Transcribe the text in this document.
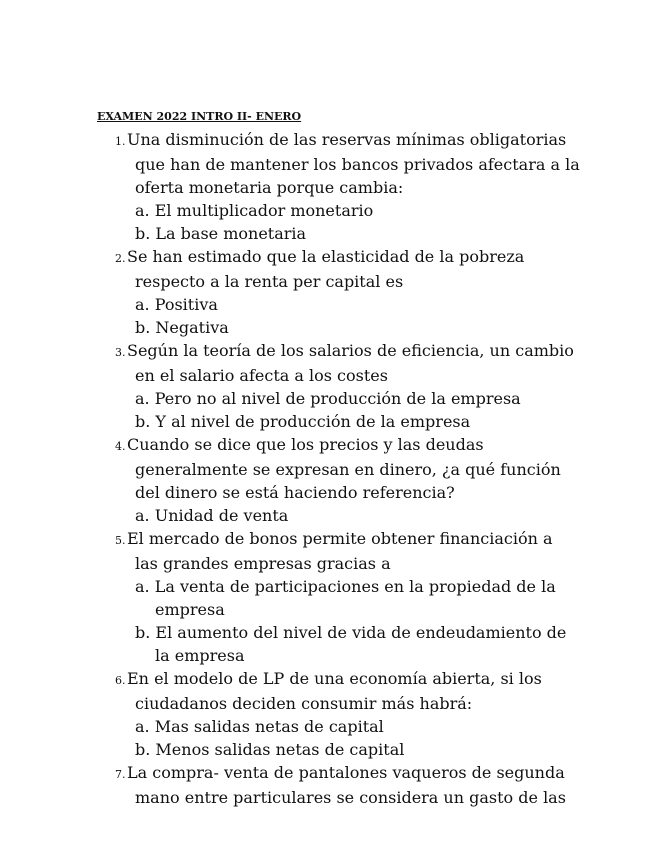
EXAMEN 2022 INTRO II- ENERO
1.Una disminución de las reservas mínimas obligatorias
que han de mantener los bancos privados afectara a la
oferta monetaria porque cambia:
a. El multiplicador monetario
b. La base monetaria
2.Se han estimado que la elasticidad de la pobreza
respecto a la renta per capital es
a. Positiva
b. Negativa
3.Según la teoría de los salarios de eficiencia, un cambio
en el salario afecta a los costes
a. Pero no al nivel de producción de la empresa
b. Y al nivel de producción de la empresa
4.Cuando se dice que los precios y las deudas
generalmente se expresan en dinero, ¿a qué función
del dinero se está haciendo referencia?
a. Unidad de venta
5.El mercado de bonos permite obtener financiación a
las grandes empresas gracias a
a. La venta de participaciones en la propiedad de la
empresa
b. El aumento del nivel de vida de endeudamiento de
la empresa
6.En el modelo de LP de una economía abierta, si los
ciudadanos deciden consumir más habrá:
a. Mas salidas netas de capital
b. Menos salidas netas de capital
7.La compra- venta de pantalones vaqueros de segunda
mano entre particulares se considera un gasto de las
